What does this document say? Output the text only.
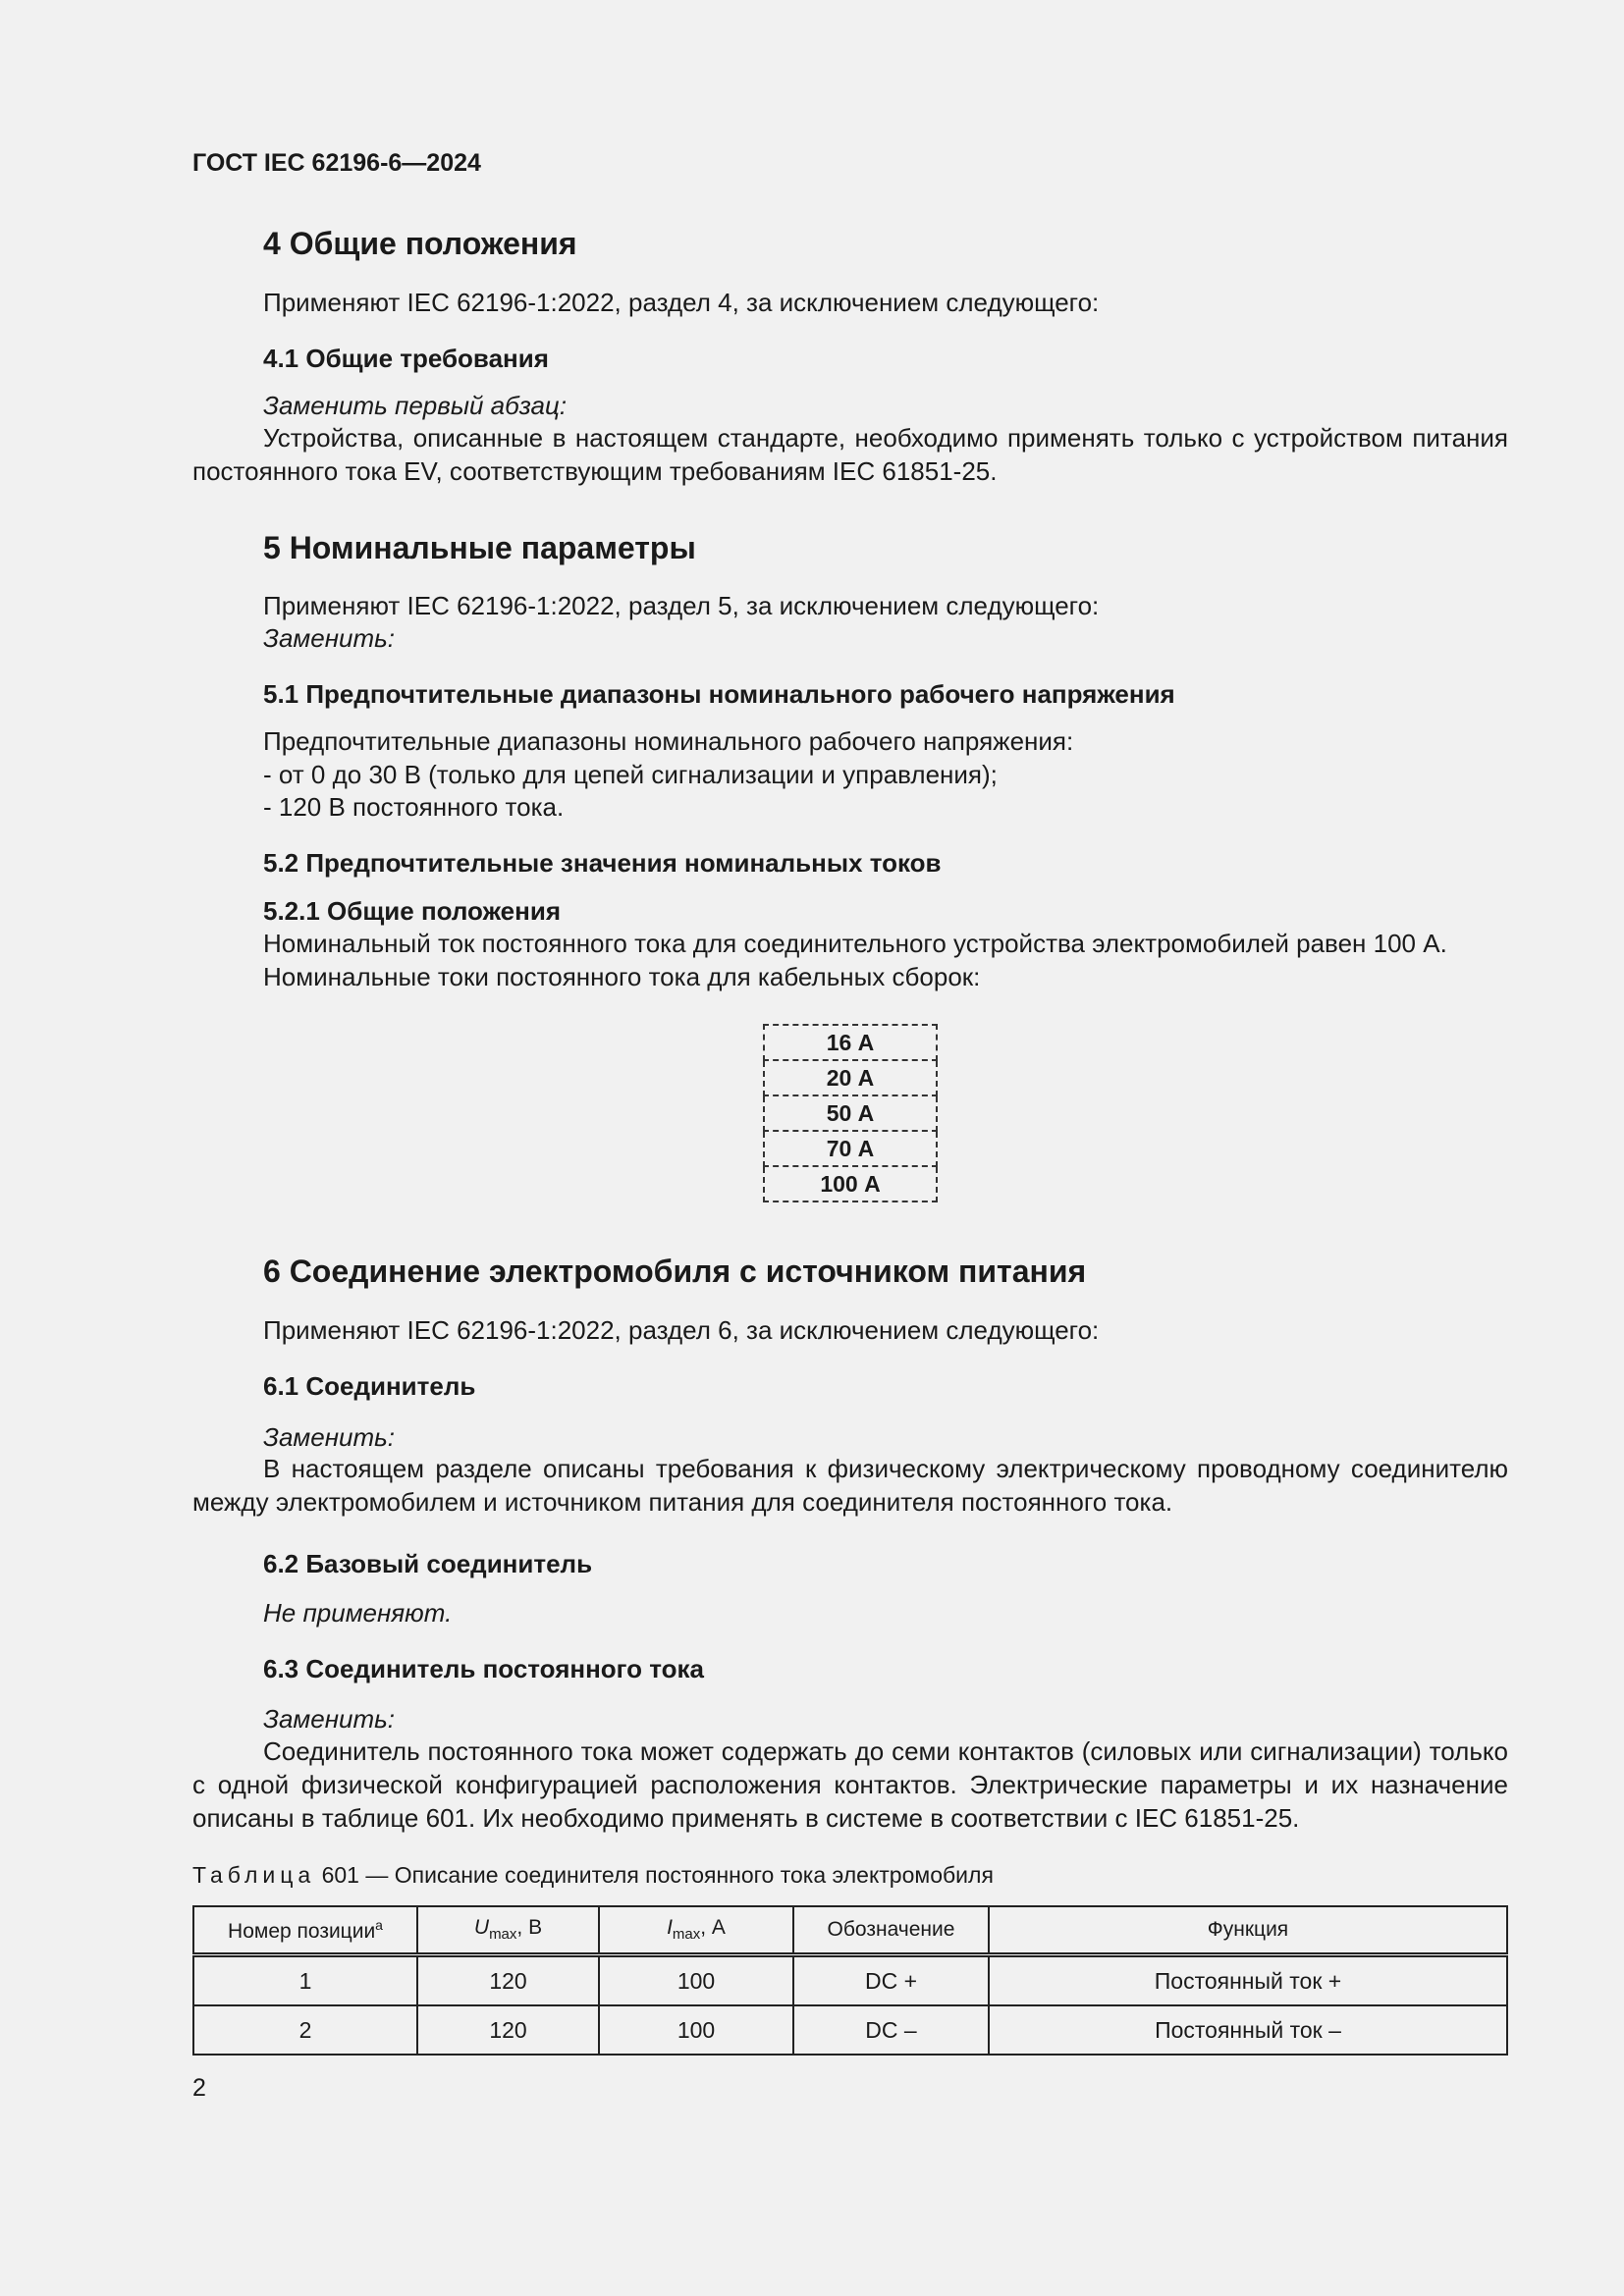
ГОСТ IEC 62196-6—2024
4 Общие положения
Применяют IEC 62196-1:2022, раздел 4, за исключением следующего:
4.1 Общие требования
Заменить первый абзац:
Устройства, описанные в настоящем стандарте, необходимо применять только с устройством питания постоянного тока EV, соответствующим требованиям IEC 61851-25.
5 Номинальные параметры
Применяют IEC 62196-1:2022, раздел 5, за исключением следующего:
Заменить:
5.1 Предпочтительные диапазоны номинального рабочего напряжения
Предпочтительные диапазоны номинального рабочего напряжения:
- от 0 до 30 В (только для цепей сигнализации и управления);
- 120 В постоянного тока.
5.2 Предпочтительные значения номинальных токов
5.2.1 Общие положения
Номинальный ток постоянного тока для соединительного устройства электромобилей равен 100 А.
Номинальные токи постоянного тока для кабельных сборок:
16 А
20 А
50 А
70 А
100 А
6 Соединение электромобиля с источником питания
Применяют IEC 62196-1:2022, раздел 6, за исключением следующего:
6.1 Соединитель
Заменить:
В настоящем разделе описаны требования к физическому электрическому проводному соединителю между электромобилем и источником питания для соединителя постоянного тока.
6.2 Базовый соединитель
Не применяют.
6.3 Соединитель постоянного тока
Заменить:
Соединитель постоянного тока может содержать до семи контактов (силовых или сигнализации) только с одной физической конфигурацией расположения контактов. Электрические параметры и их назначение описаны в таблице 601. Их необходимо применять в системе в соответствии с IEC 61851-25.
Таблица 601 — Описание соединителя постоянного тока электромобиля
Номер позиции$^a$	$U_{max}$, В	$I_{max}$, А	Обозначение	Функция
1	120	100	DC +	Постоянный ток +
2	120	100	DC –	Постоянный ток –
2
